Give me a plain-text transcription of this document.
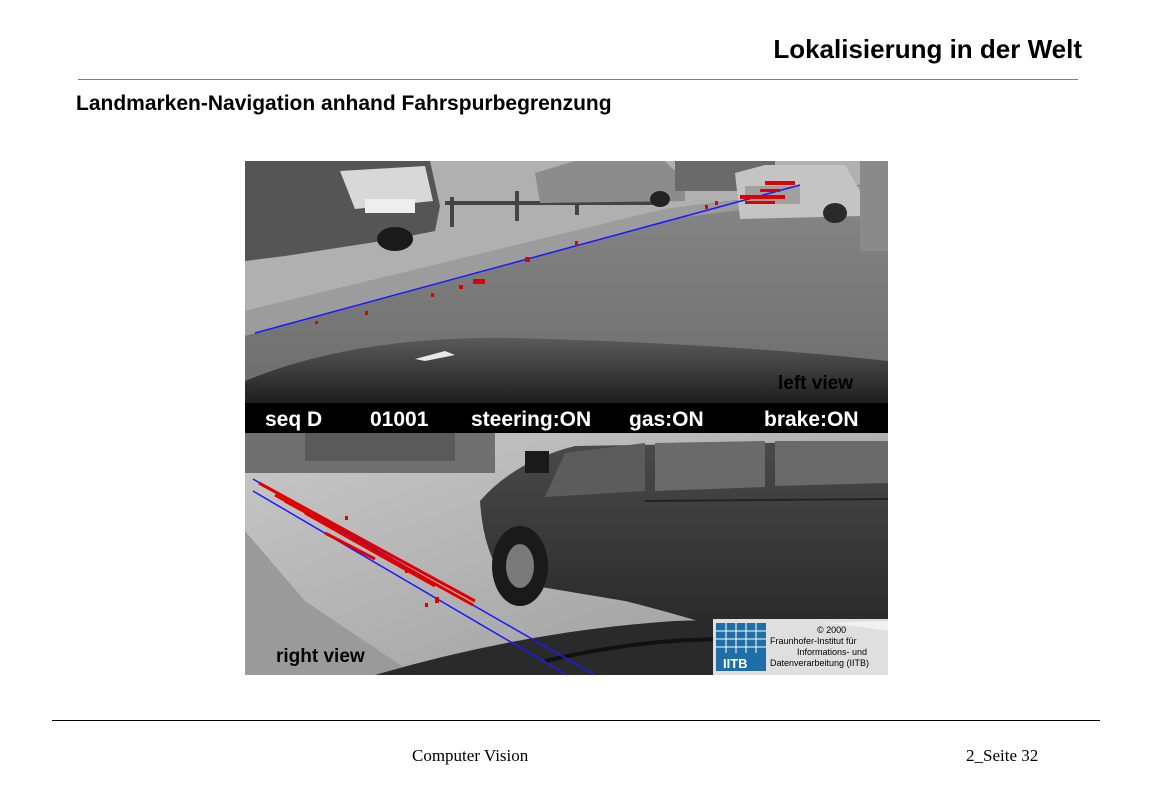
Lokalisierung in der Welt
Landmarken-Navigation anhand Fahrspurbegrenzung
left view
seq D 01001 steering:ON gas:ON	brake:ON
right view	IITB
© 2000
Fraunhofer-Institut für
Informations- und
Datenverarbeitung (IITB)
Computer Vision	2_Seite 32
